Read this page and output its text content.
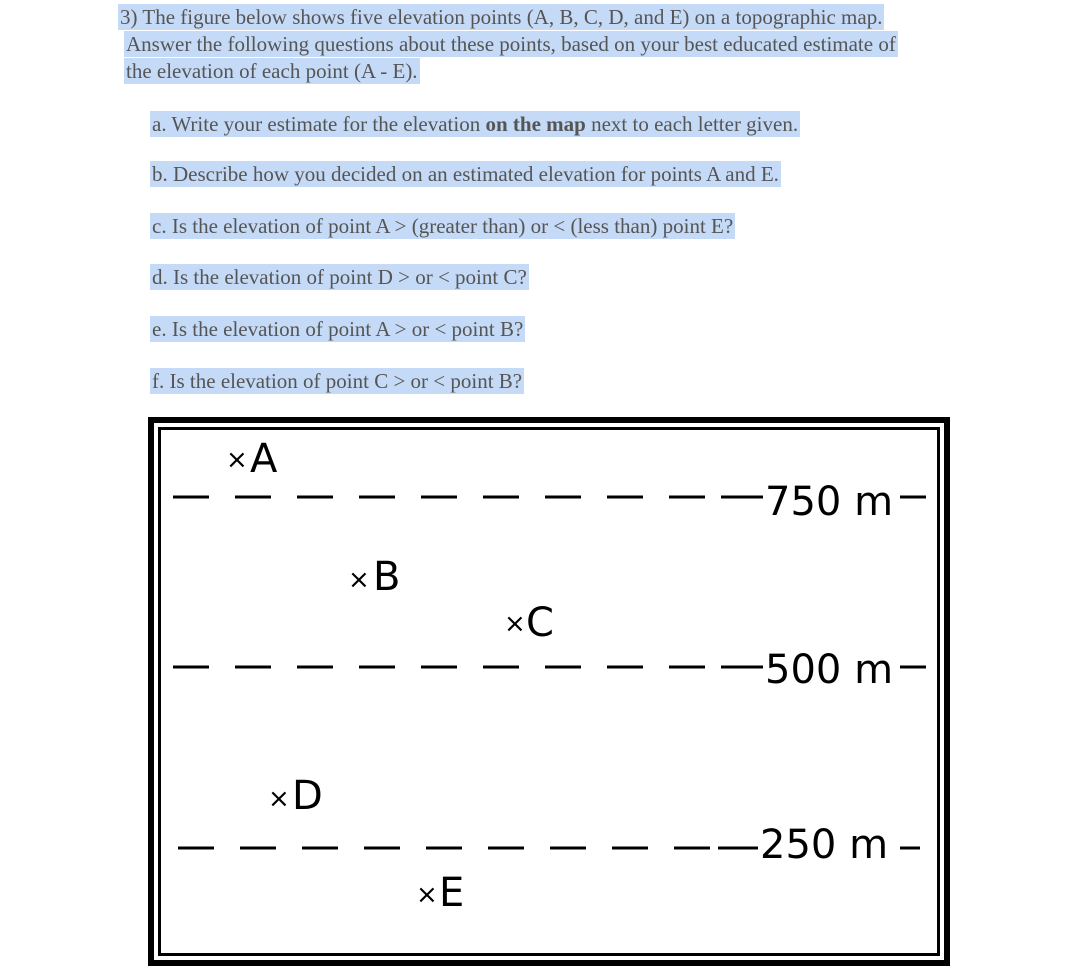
3) The figure below shows five elevation points (A, B, C, D, and E) on a topographic map.
Answer the following questions about these points, based on your best educated estimate of
the elevation of each point (A - E).
a. Write your estimate for the elevation on the map next to each letter given.
b. Describe how you decided on an estimated elevation for points A and E.
c. Is the elevation of point A > (greater than) or < (less than) point E?
d. Is the elevation of point D > or < point C?
e. Is the elevation of point A > or < point B?
f. Is the elevation of point C > or < point B?
750 m
500 m
250 m
× A
× B
× C
× D
× E
